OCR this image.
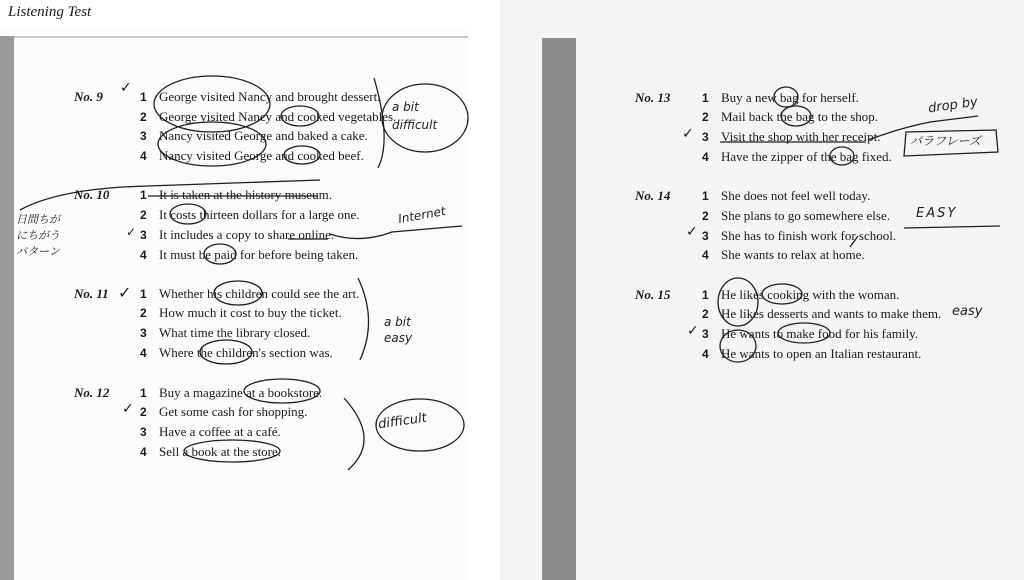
Listening Test
No. 9	1 George visited Nancy and brought dessert.
2 George visited Nancy and cooked vegetables.
3 Nancy visited George and baked a cake.
4 Nancy visited George and cooked beef.
No. 10	1 It is taken at the history museum.
2 It costs thirteen dollars for a large one.
3 It includes a copy to share online.
4 It must be paid for before being taken.
No. 11	1 Whether his children could see the art.
2 How much it cost to buy the ticket.
3 What time the library closed.
4 Where the children's section was.
No. 12	1 Buy a magazine at a bookstore.
2 Get some cash for shopping.
3 Have a coffee at a café.
4 Sell a book at the store.
✓
✓
✓
✓
a bit difficult
Internet
日間ちが にちがう パターン
a bit easy
difficult
No. 13	1 Buy a new bag for herself.
2 Mail back the bag to the shop.
3 Visit the shop with her receipt.
4 Have the zipper of the bag fixed.
No. 14	1 She does not feel well today.
2 She plans to go somewhere else.
3 She has to finish work for school.
4 She wants to relax at home.
No. 15	1 He likes cooking with the woman.
2 He likes desserts and wants to make them.
3 He wants to make food for his family.
4 He wants to open an Italian restaurant.
✓
✓
✓
drop by
パラフレーズ
EASY
easy
